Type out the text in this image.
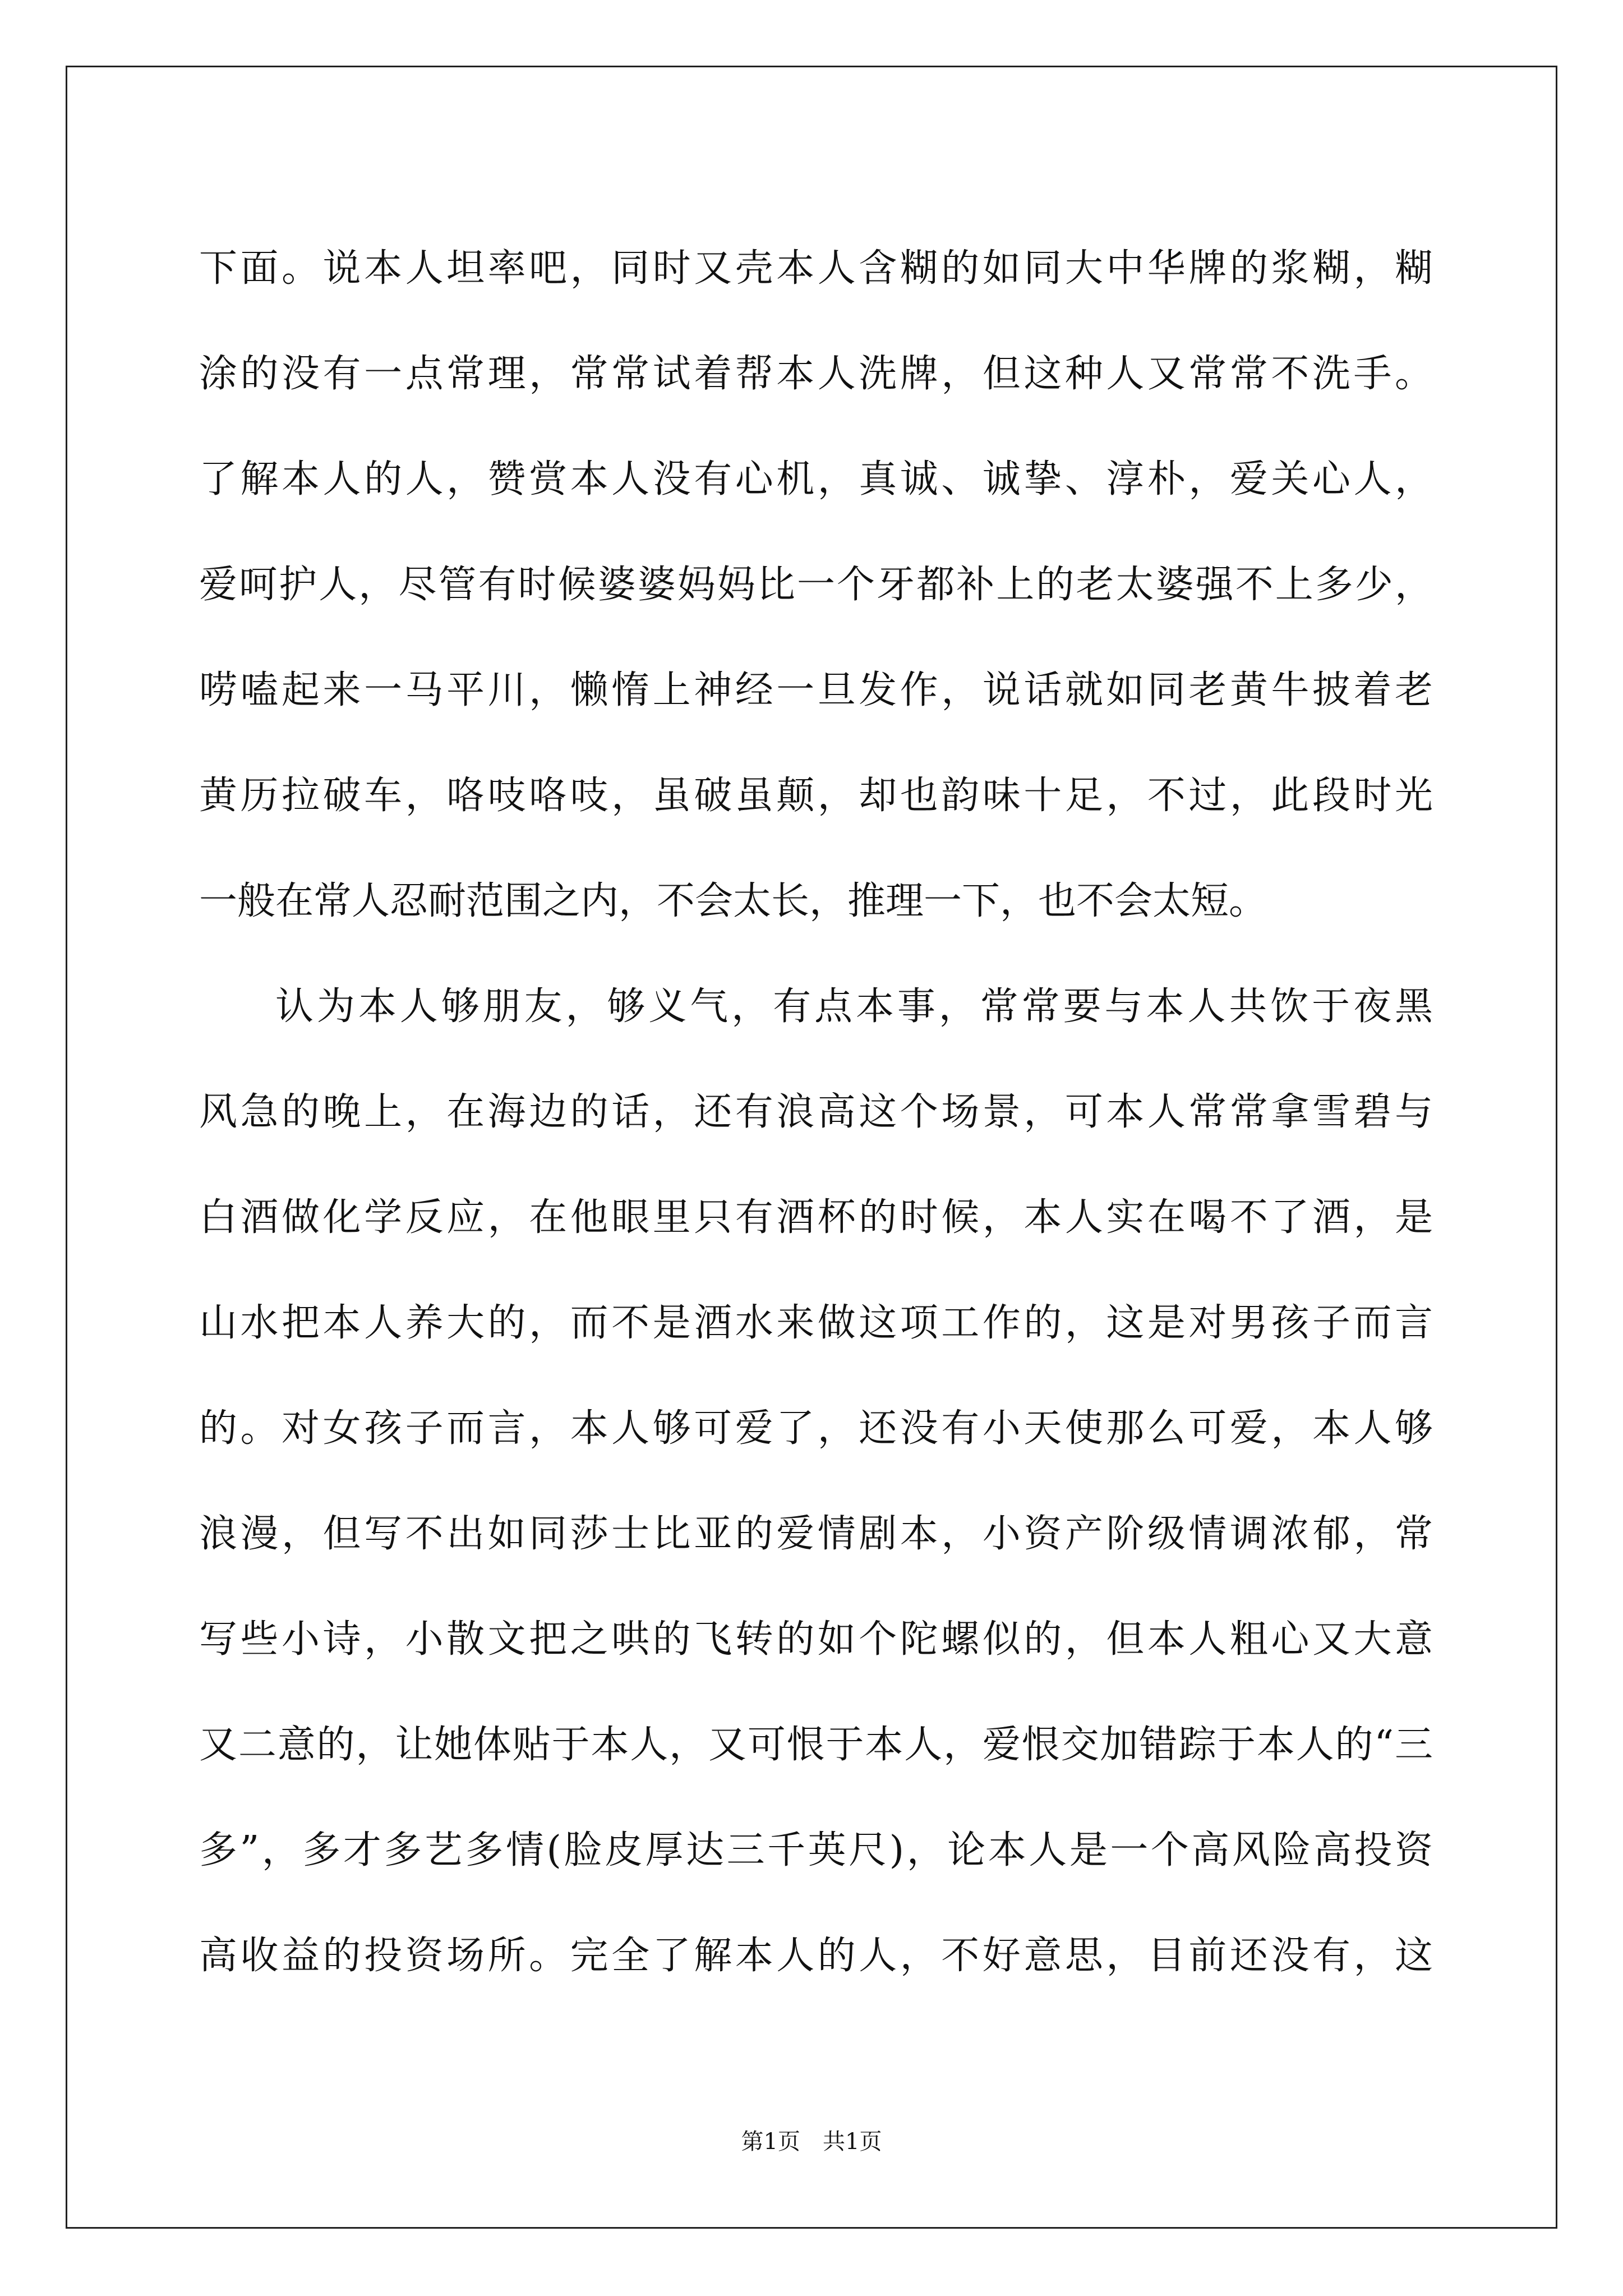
下面。说本人坦率吧，同时又壳本人含糊的如同大中华牌的浆糊，糊
涂的没有一点常理，常常试着帮本人洗牌，但这种人又常常不洗手。
了解本人的人，赞赏本人没有心机，真诚、诚挚、淳朴，爱关心人，
爱呵护人，尽管有时候婆婆妈妈比一个牙都补上的老太婆强不上多少，
唠嗑起来一马平川，懒惰上神经一旦发作，说话就如同老黄牛披着老
黄历拉破车，咯吱咯吱，虽破虽颠，却也韵味十足，不过，此段时光
一般在常人忍耐范围之内，不会太长，推理一下，也不会太短。
认为本人够朋友，够义气，有点本事，常常要与本人共饮于夜黑
风急的晚上，在海边的话，还有浪高这个场景，可本人常常拿雪碧与
白酒做化学反应，在他眼里只有酒杯的时候，本人实在喝不了酒，是
山水把本人养大的，而不是酒水来做这项工作的，这是对男孩子而言
的。对女孩子而言，本人够可爱了，还没有小天使那么可爱，本人够
浪漫，但写不出如同莎士比亚的爱情剧本，小资产阶级情调浓郁，常
写些小诗，小散文把之哄的飞转的如个陀螺似的，但本人粗心又大意
又二意的，让她体贴于本人，又可恨于本人，爱恨交加错踪于本人的“三
多”，多才多艺多情(脸皮厚达三千英尺)，论本人是一个高风险高投资
高收益的投资场所。完全了解本人的人，不好意思，目前还没有，这
第1页　共1页
